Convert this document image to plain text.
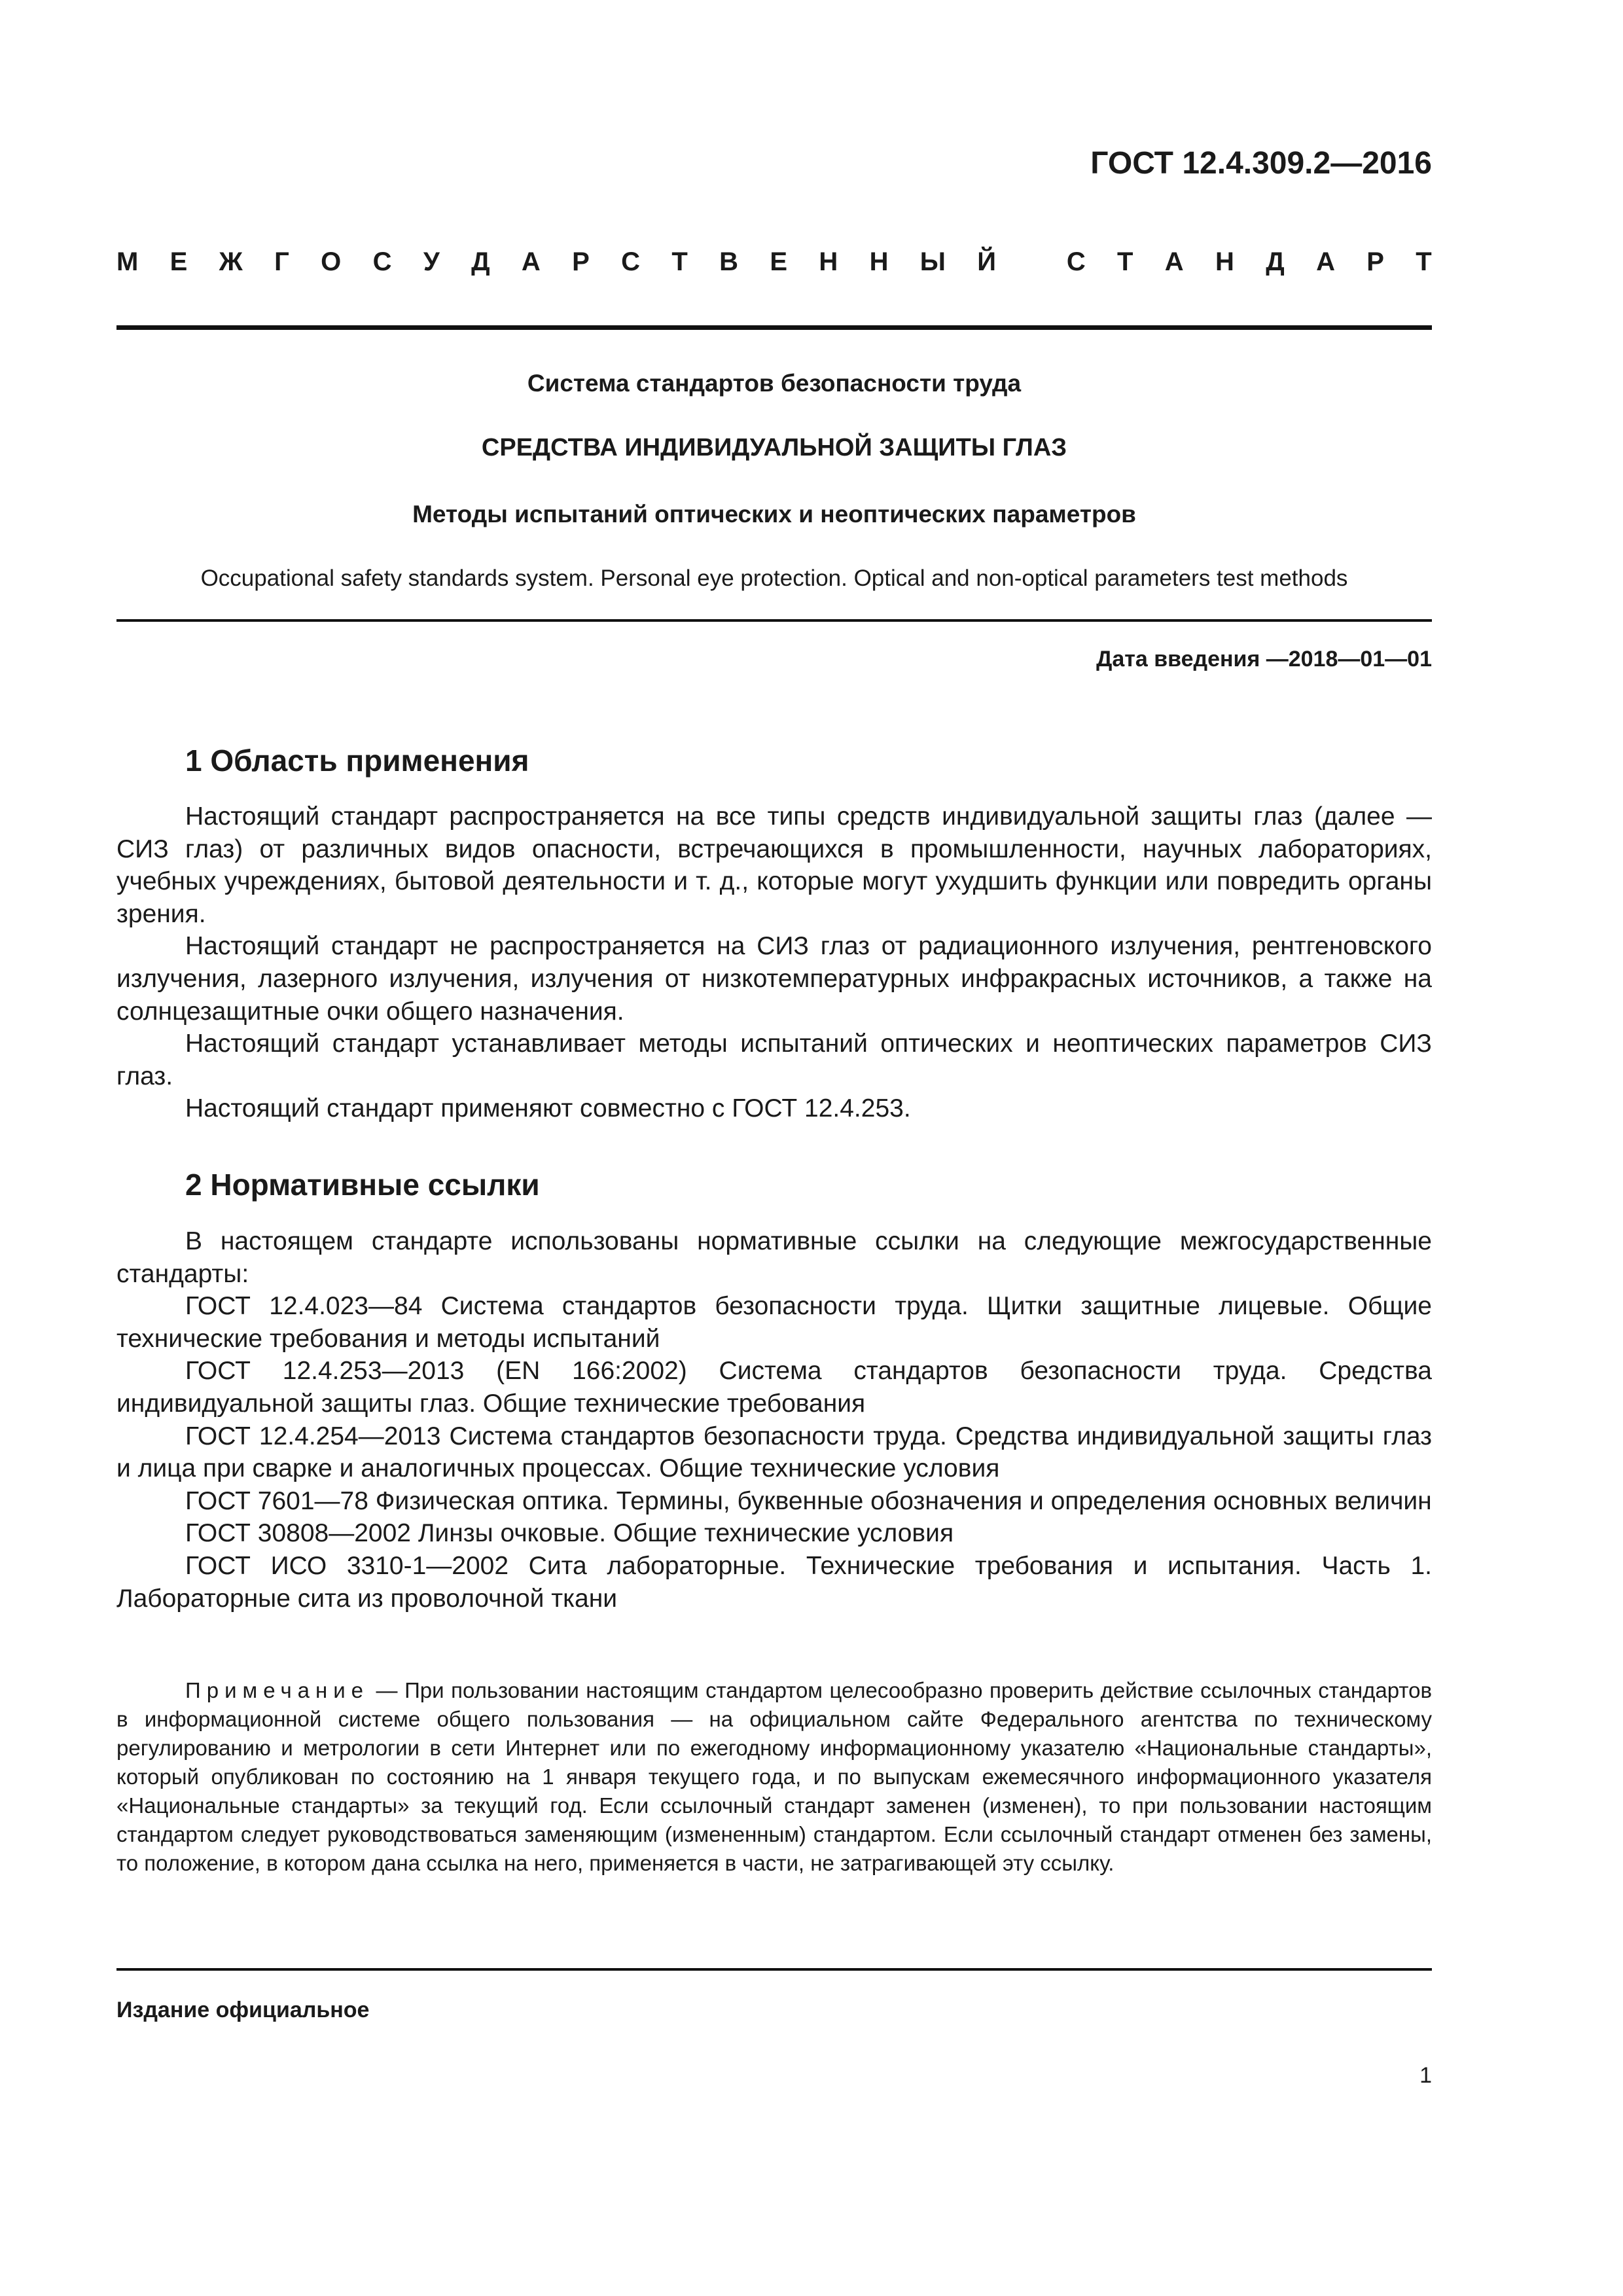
ГОСТ 12.4.309.2—2016
М Е Ж Г О С У Д А Р С Т В Е Н Н Ы Й
	С Т А Н Д А Р Т
Система стандартов безопасности труда
СРЕДСТВА ИНДИВИДУАЛЬНОЙ ЗАЩИТЫ ГЛАЗ
Методы испытаний оптических и неоптических параметров
Occupational safety standards system. Personal eye protection. Optical and non-optical parameters test methods
Дата введения —2018—01—01
1 Область применения

Настоящий стандарт распространяется на все типы средств индивидуальной защиты глаз (далее — СИЗ глаз) от различных видов опасности, встречающихся в промышленности, научных лабораториях, учебных учреждениях, бытовой деятельности и т. д., которые могут ухудшить функции или повредить органы зрения.

Настоящий стандарт не распространяется на СИЗ глаз от радиационного излучения, рентгеновского излучения, лазерного излучения, излучения от низкотемпературных инфракрасных источников, а также на солнцезащитные очки общего назначения.

Настоящий стандарт устанавливает методы испытаний оптических и неоптических параметров СИЗ глаз.

Настоящий стандарт применяют совместно с ГОСТ 12.4.253.

2 Нормативные ссылки

В настоящем стандарте использованы нормативные ссылки на следующие межгосударственные стандарты:

ГОСТ 12.4.023—84 Система стандартов безопасности труда. Щитки защитные лицевые. Общие технические требования и методы испытаний

ГОСТ 12.4.253—2013 (EN 166:2002) Система стандартов безопасности труда. Средства индивидуальной защиты глаз. Общие технические требования

ГОСТ 12.4.254—2013 Система стандартов безопасности труда. Средства индивидуальной защиты глаз и лица при сварке и аналогичных процессах. Общие технические условия

ГОСТ 7601—78 Физическая оптика. Термины, буквенные обозначения и определения основных величин

ГОСТ 30808—2002 Линзы очковые. Общие технические условия

ГОСТ ИСО 3310-1—2002 Сита лабораторные. Технические требования и испытания. Часть 1. Лабораторные сита из проволочной ткани

Примечание — При пользовании настоящим стандартом целесообразно проверить действие ссылочных стандартов в информационной системе общего пользования — на официальном сайте Федерального агентства по техническому регулированию и метрологии в сети Интернет или по ежегодному информационному указателю «Национальные стандарты», который опубликован по состоянию на 1 января текущего года, и по выпускам ежемесячного информационного указателя «Национальные стандарты» за текущий год. Если ссылочный стандарт заменен (изменен), то при пользовании настоящим стандартом следует руководствоваться заменяющим (измененным) стандартом. Если ссылочный стандарт отменен без замены, то положение, в котором дана ссылка на него, применяется в части, не затрагивающей эту ссылку.

Издание официальное
1
